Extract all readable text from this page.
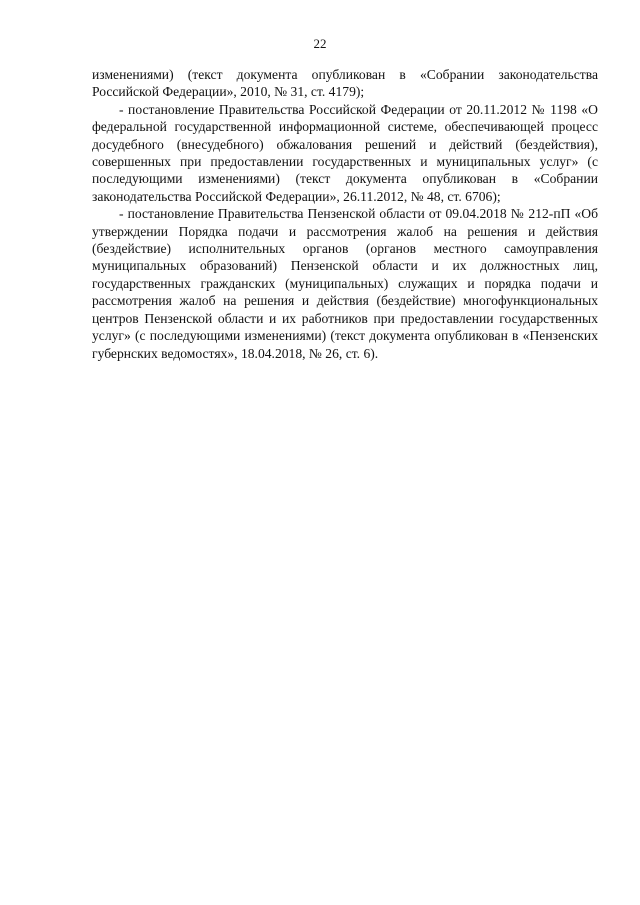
22

изменениями) (текст документа опубликован в «Собрании законодательства Российской Федерации», 2010, № 31, ст. 4179);

- постановление Правительства Российской Федерации от 20.11.2012 № 1198 «О федеральной государственной информационной системе, обеспечивающей процесс досудебного (внесудебного) обжалования решений и действий (бездействия), совершенных при предоставлении государственных и муниципальных услуг» (с последующими изменениями) (текст документа опубликован в «Собрании законодательства Российской Федерации», 26.11.2012, № 48, ст. 6706);

- постановление Правительства Пензенской области от 09.04.2018 № 212-пП «Об утверждении Порядка подачи и рассмотрения жалоб на решения и действия (бездействие) исполнительных органов (органов местного самоуправления муниципальных образований) Пензенской области и их должностных лиц, государственных гражданских (муниципальных) служащих и порядка подачи и рассмотрения жалоб на решения и действия (бездействие) многофункциональных центров Пензенской области и их работников при предоставлении государственных услуг» (с последующими изменениями) (текст документа опубликован в «Пензенских губернских ведомостях», 18.04.2018, № 26, ст. 6).
